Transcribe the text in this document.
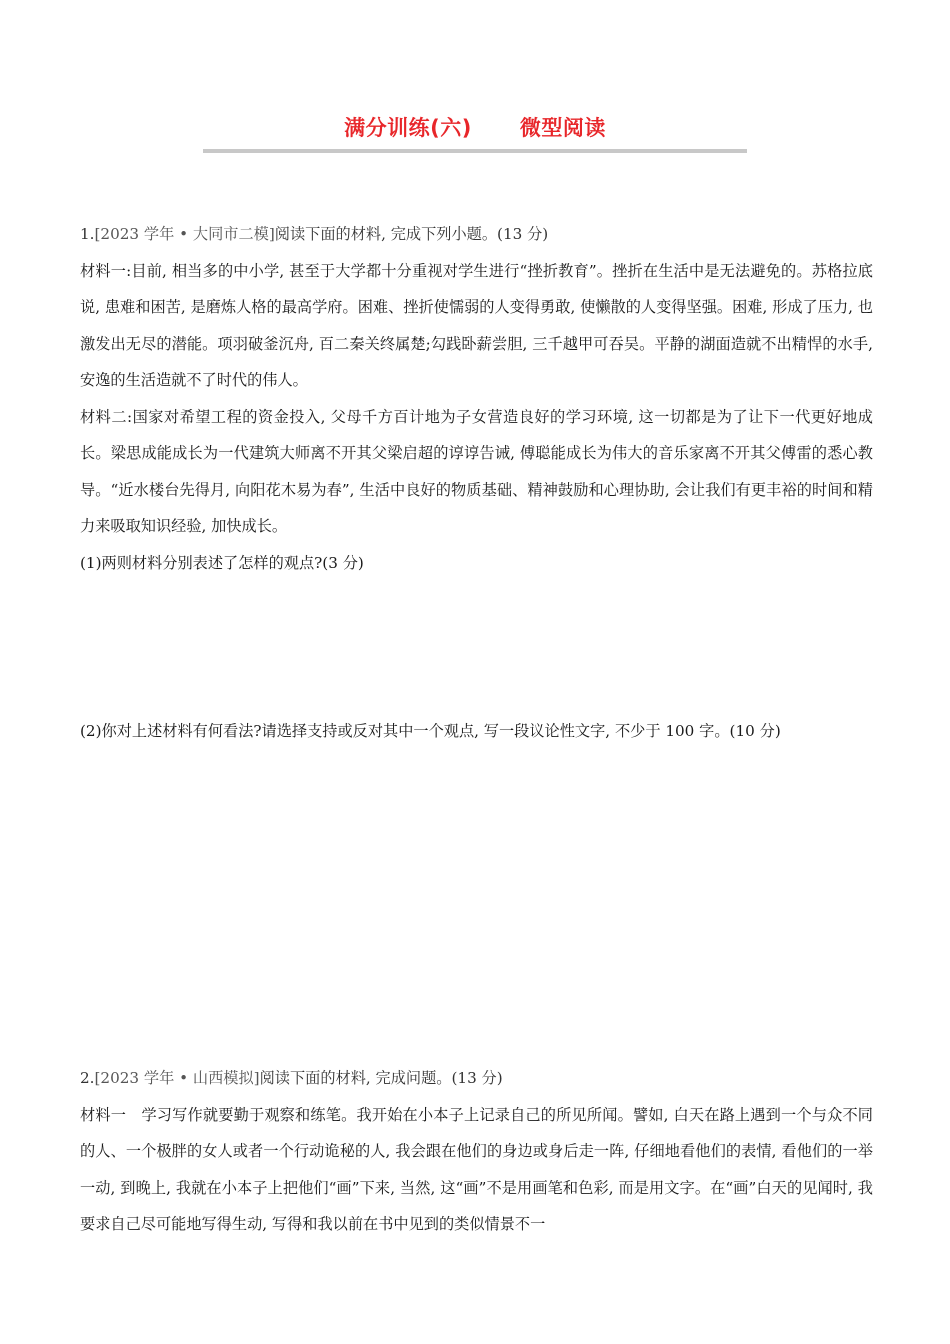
满分训练(六) 微型阅读
1.[2023 学年 • 大同市二模]阅读下面的材料, 完成下列小题。(13 分)
材料一:目前, 相当多的中小学, 甚至于大学都十分重视对学生进行“挫折教育”。挫折在生活中是无法避免的。苏格拉底说, 患难和困苦, 是磨炼人格的最高学府。困难、挫折使懦弱的人变得勇敢, 使懒散的人变得坚强。困难, 形成了压力, 也激发出无尽的潜能。项羽破釜沉舟, 百二秦关终属楚;勾践卧薪尝胆, 三千越甲可吞吴。平静的湖面造就不出精悍的水手, 安逸的生活造就不了时代的伟人。
材料二:国家对希望工程的资金投入, 父母千方百计地为子女营造良好的学习环境, 这一切都是为了让下一代更好地成长。梁思成能成长为一代建筑大师离不开其父梁启超的谆谆告诫, 傅聪能成长为伟大的音乐家离不开其父傅雷的悉心教导。“近水楼台先得月, 向阳花木易为春”, 生活中良好的物质基础、精神鼓励和心理协助, 会让我们有更丰裕的时间和精力来吸取知识经验, 加快成长。
(1)两则材料分别表述了怎样的观点?(3 分)
(2)你对上述材料有何看法?请选择支持或反对其中一个观点, 写一段议论性文字, 不少于 100 字。(10 分)
2.[2023 学年 • 山西模拟]阅读下面的材料, 完成问题。(13 分)
材料一　学习写作就要勤于观察和练笔。我开始在小本子上记录自己的所见所闻。譬如, 白天在路上遇到一个与众不同的人、一个极胖的女人或者一个行动诡秘的人, 我会跟在他们的身边或身后走一阵, 仔细地看他们的表情, 看他们的一举一动, 到晚上, 我就在小本子上把他们“画”下来, 当然, 这“画”不是用画笔和色彩, 而是用文字。在“画”白天的见闻时, 我要求自己尽可能地写得生动, 写得和我以前在书中见到的类似情景不一
